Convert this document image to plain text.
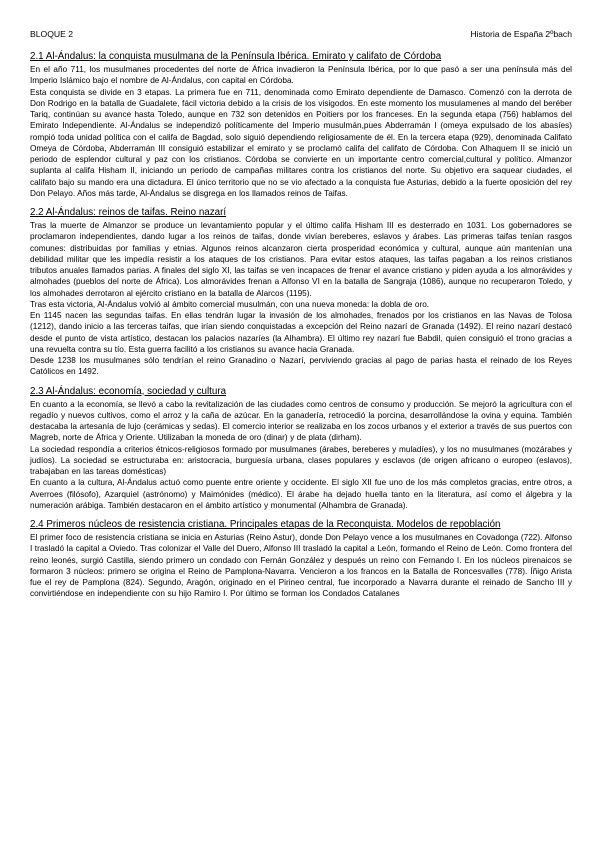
BLOQUE 2	Historia de España 2ºbach
2.1 Al-Ándalus: la conquista musulmana de la Península Ibérica. Emirato y califato de Córdoba

En el año 711, los musulmanes procedentes del norte de África invadieron la Península Ibérica, por lo que pasó a ser una península más del Imperio Islámico bajo el nombre de Al-Ándalus, con capital en Córdoba.

Esta conquista se divide en 3 etapas. La primera fue en 711, denominada como Emirato dependiente de Damasco. Comenzó con la derrota de Don Rodrigo en la batalla de Guadalete, fácil victoria debido a la crisis de los visigodos. En este momento los musulamenes al mando del beréber Tariq, continúan su avance hasta Toledo, aunque en 732 son detenidos en Poitiers por los franceses. En la segunda etapa (756) hablamos del Emirato Independiente. Al-Ándalus se independizó políticamente del Imperio musulmán,pues Abderramán I (omeya expulsado de los abasíes) rompió toda unidad política con el califa de Bagdad, solo siguió dependiendo religiosamente de él. En la tercera etapa (929), denominada Califato Omeya de Córdoba, Abderramán III consiguió estabilizar el emirato y se proclamó califa del califato de Córdoba. Con Alhaquem II se inició un periodo de esplendor cultural y paz con los cristianos. Córdoba se convierte en un importante centro comercial,cultural y político. Almanzor suplanta al califa Hisham II, iniciando un periodo de campañas militares contra los cristianos del norte. Su objetivo era saquear ciudades, el califato bajo su mando era una dictadura. El único territorio que no se vio afectado a la conquista fue Asturias, debido a la fuerte oposición del rey Don Pelayo. Años más tarde, Al-Ándalus se disgrega en los llamados reinos de Taifas.

2.2 Al-Ándalus: reinos de taifas. Reino nazarí

Tras la muerte de Almanzor se produce un levantamiento popular y el último califa Hisham III es desterrado en 1031. Los gobernadores se proclamaron independientes, dando lugar a los reinos de taifas, donde vivían bereberes, eslavos y árabes. Las primeras taifas tenían rasgos comunes: distribuidas por familias y etnias. Algunos reinos alcanzaron cierta prosperidad económica y cultural, aunque aún mantenían una debilidad militar que les impedía resistir a los ataques de los cristianos. Para evitar estos ataques, las taifas pagaban a los reinos cristianos tributos anuales llamados parias. A finales del siglo XI, las taifas se ven incapaces de frenar el avance cristiano y piden ayuda a los almorávides y almohades (pueblos del norte de África). Los almorávides frenan a Alfonso VI en la batalla de Sangraja (1086), aunque no recuperaron Toledo, y los almohades derrotaron al ejército cristiano en la batalla de Alarcos (1195).

Tras esta victoria, Al-Ándalus volvió al ámbito comercial musulmán, con una nueva moneda: la dobla de oro.

En 1145 nacen las segundas taifas. En ellas tendrán lugar la invasión de los almohades, frenados por los cristianos en las Navas de Tolosa (1212), dando inicio a las terceras taifas, que irían siendo conquistadas a excepción del Reino nazarí de Granada (1492). El reino nazarí destacó desde el punto de vista artístico, destacan los palacios nazaríes (la Alhambra). El último rey nazarí fue Babdil, quien consiguió el trono gracias a una revuelta contra su tío. Esta guerra facilitó a los cristianos su avance hacia Granada.

Desde 1238 los musulmanes sólo tendrían el reino Granadino o Nazarí, perviviendo gracias al pago de parias hasta el reinado de los Reyes Católicos en 1492.

2.3 Al-Ándalus: economía, sociedad y cultura

En cuanto a la economía, se llevó a cabo la revitalización de las ciudades como centros de consumo y producción. Se mejoró la agricultura con el regadío y nuevos cultivos, como el arroz y la caña de azúcar. En la ganadería, retrocedió la porcina, desarrollándose la ovina y equina. También destacaba la artesanía de lujo (cerámicas y sedas). El comercio interior se realizaba en los zocos urbanos y el exterior a través de sus puertos con Magreb, norte de África y Oriente. Utilizaban la moneda de oro (dinar) y de plata (dirham).

La sociedad respondía a criterios étnicos-religiosos formado por musulmanes (árabes, bereberes y muladíes), y los no musulmanes (mozárabes y judíos). La sociedad se estructuraba en: aristocracia, burguesía urbana, clases populares y esclavos (de origen africano o europeo (eslavos), trabajaban en las tareas domésticas)

En cuanto a la cultura, Al-Ándalus actuó como puente entre oriente y occidente. El siglo XII fue uno de los más completos gracias, entre otros, a Averroes (filósofo), Azarquiel (astrónomo) y Maimónides (médico). El árabe ha dejado huella tanto en la literatura, así como el álgebra y la numeración arábiga. También destacaron en el ámbito artístico y monumental (Alhambra de Granada).

2.4 Primeros núcleos de resistencia cristiana. Principales etapas de la Reconquista. Modelos de repoblación

El primer foco de resistencia cristiana se inicia en Asturias (Reino Astur), donde Don Pelayo vence a los musulmanes en Covadonga (722). Alfonso I trasladó la capital a Oviedo. Tras colonizar el Valle del Duero, Alfonso III trasladó la capital a León, formando el Reino de León. Como frontera del reino leonés, surgió Castilla, siendo primero un condado con Fernán González y después un reino con Fernando I. En los núcleos pirenaicos se formaron 3 núcleos: primero se origina el Reino de Pamplona-Navarra. Vencieron a los francos en la Batalla de Roncesvalles (778). Íñigo Arista fue el rey de Pamplona (824). Segundo, Aragón, originado en el Pirineo central, fue incorporado a Navarra durante el reinado de Sancho III y convirtiéndose en independiente con su hijo Ramiro I. Por último se forman los Condados Catalanes
